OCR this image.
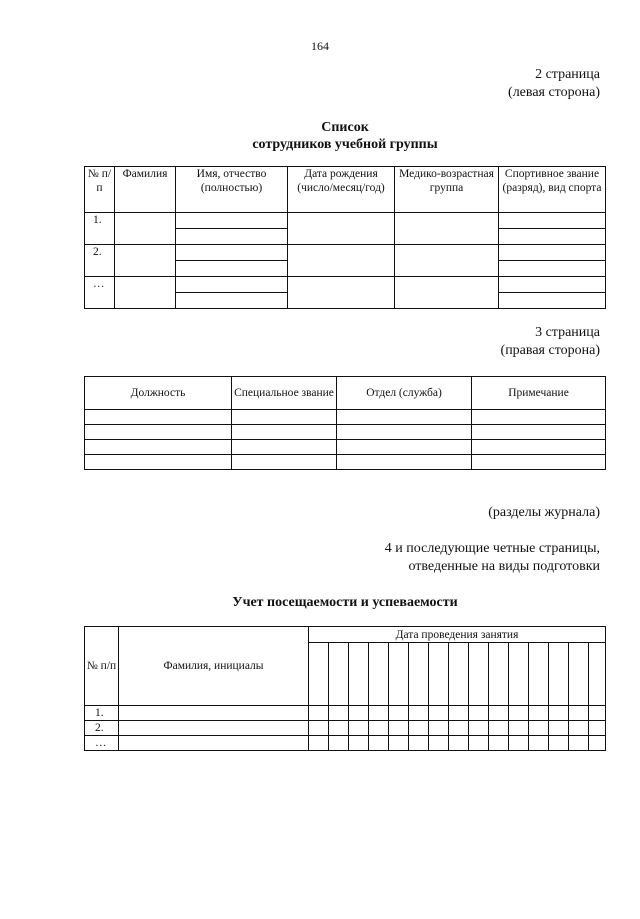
164
2 страница
(левая сторона)
Список
сотрудников учебной группы
№ п/п	Фамилия	Имя, отчество (полностью)	Дата рождения (число/месяц/год)	Медико-возрастная группа	Спортивное звание (разряд), вид спорта
1.					

2.					

…					

3 страница
(правая сторона)
Должность	Специальное звание	Отдел (служба)	Примечание

(разделы журнала)
4 и последующие четные страницы,
отведенные на виды подготовки
Учет посещаемости и успеваемости
№ п/п	Фамилия, инициалы	Дата проведения занятия														

1.																
2.																
…																
